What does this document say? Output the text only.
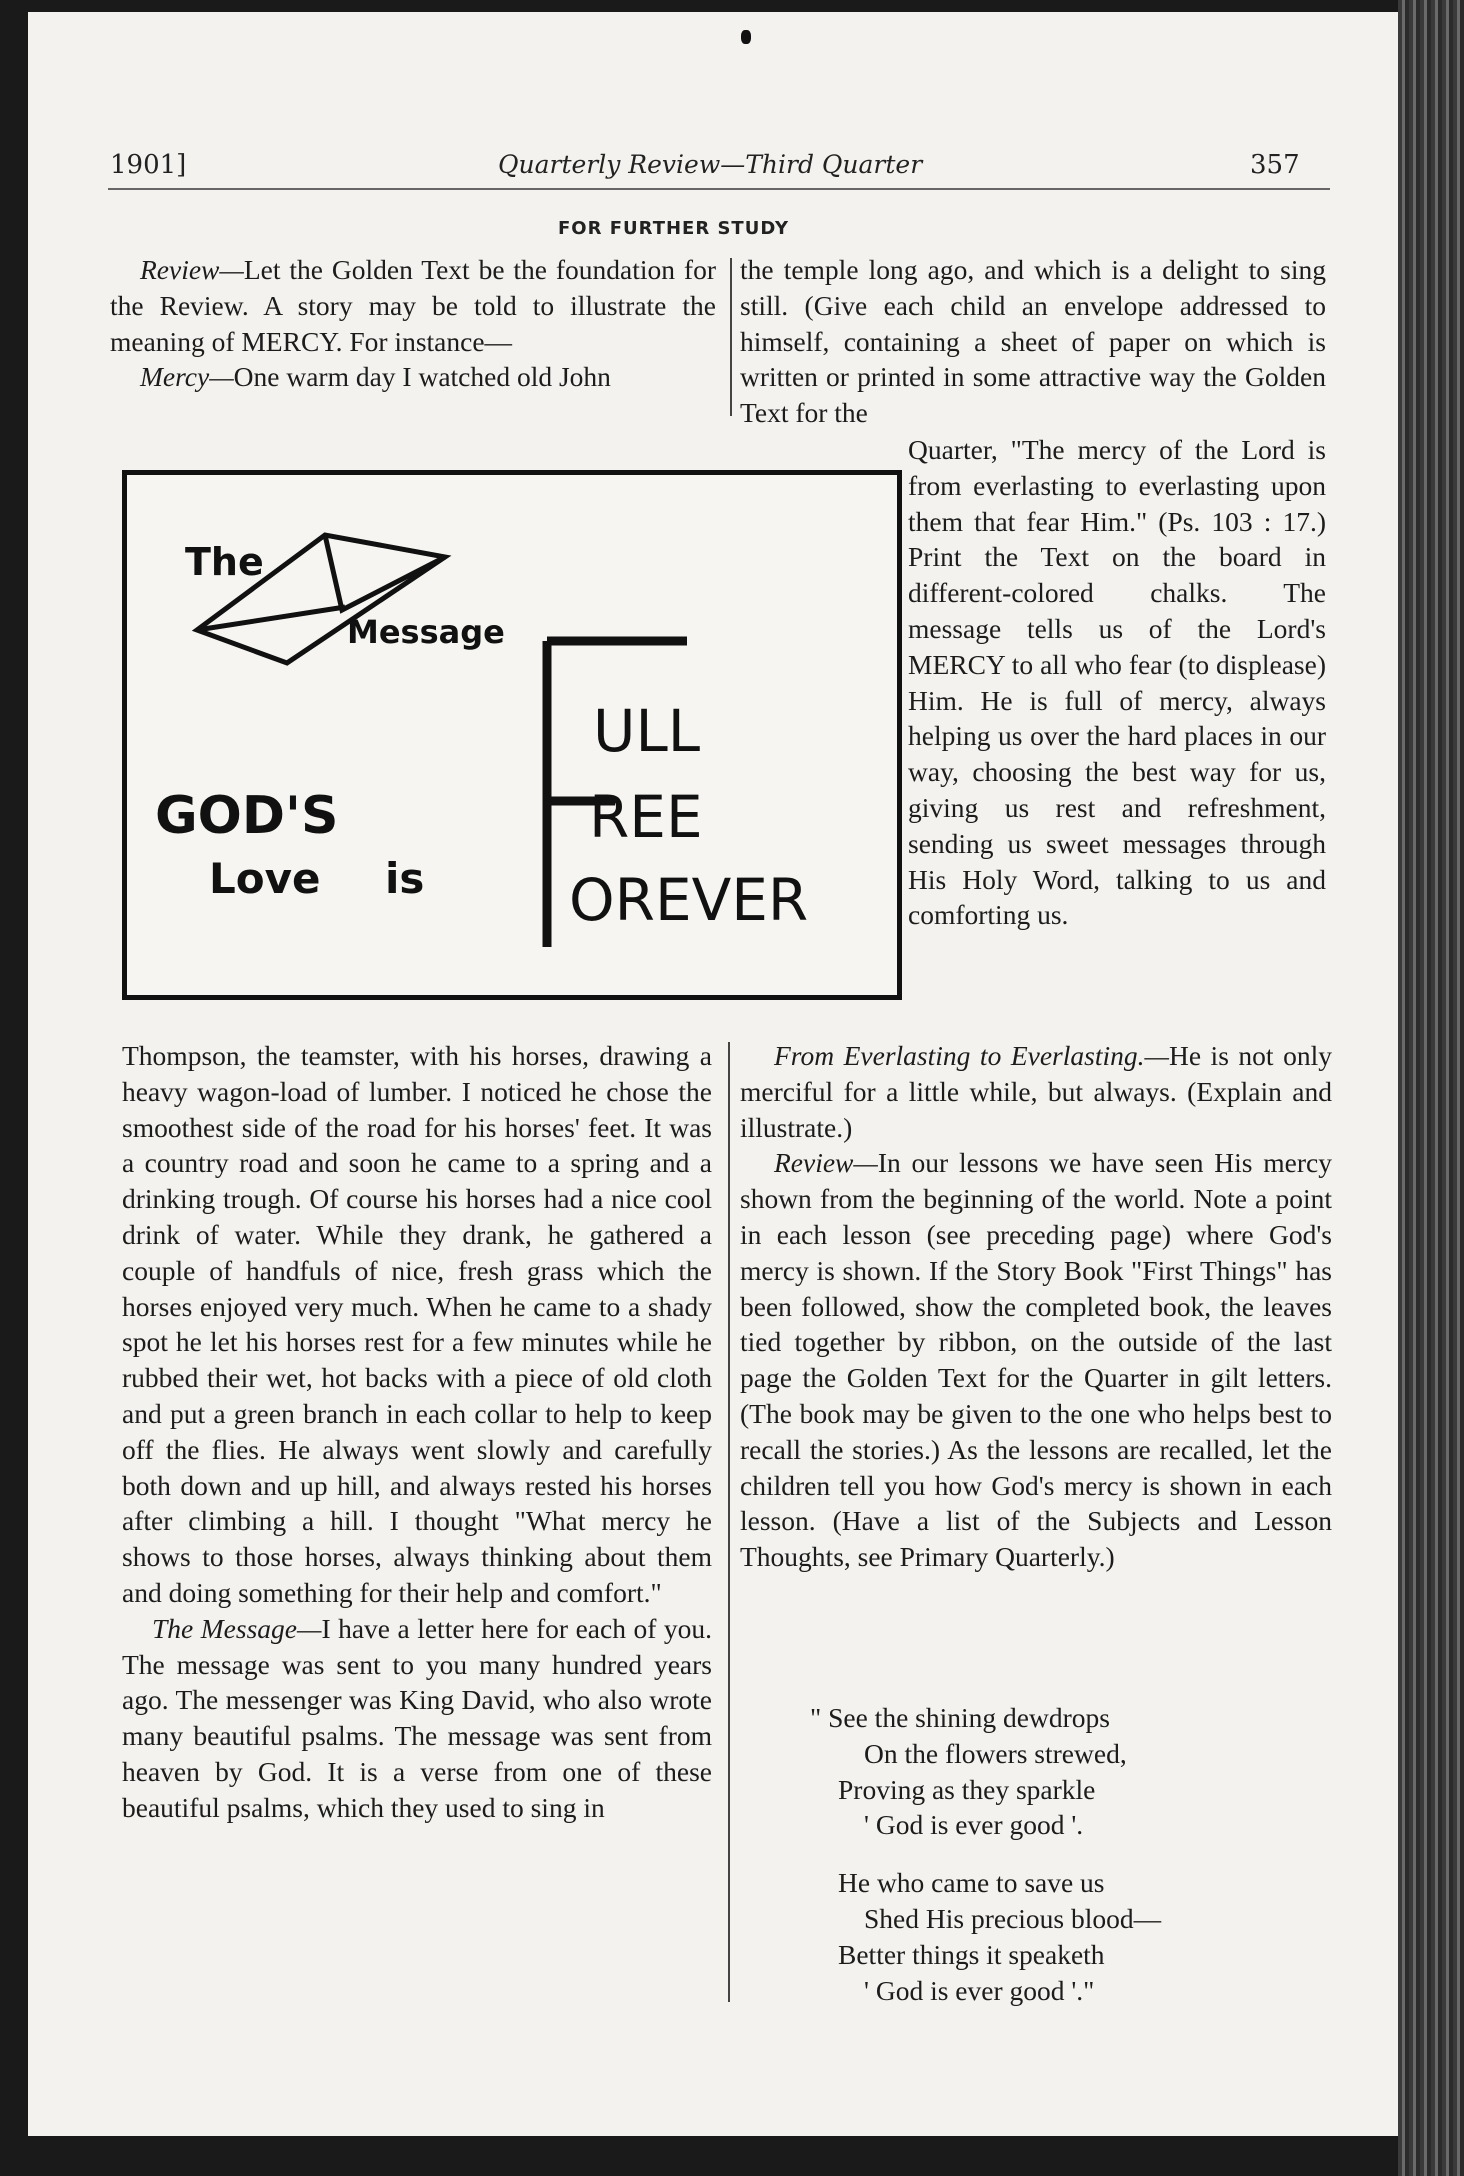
1901]	Quarterly Review—Third Quarter	357
FOR FURTHER STUDY

Review—Let the Golden Text be the foundation for the Review. A story may be told to illustrate the meaning of MERCY. For instance—

Mercy—One warm day I watched old John

the temple long ago, and which is a delight to sing still. (Give each child an envelope addressed to himself, containing a sheet of paper on which is written or printed in some attractive way the Golden Text for the
Quarter, "The mercy of the Lord is from everlasting to everlasting upon them that fear Him." (Ps. 103 : 17.) Print the Text on the board in different-colored chalks. The message tells us of the Lord's MERCY to all who fear (to displease) Him. He is full of mercy, always helping us over the hard places in our way, choosing the best way for us, giving us rest and refreshment, sending us sweet messages through His Holy Word, talking to us and comforting us.
The
Message
GOD'S
Love is
ULL
REE
OREVER

Thompson, the teamster, with his horses, drawing a heavy wagon-load of lumber. I noticed he chose the smoothest side of the road for his horses' feet. It was a country road and soon he came to a spring and a drinking trough. Of course his horses had a nice cool drink of water. While they drank, he gathered a couple of handfuls of nice, fresh grass which the horses enjoyed very much. When he came to a shady spot he let his horses rest for a few minutes while he rubbed their wet, hot backs with a piece of old cloth and put a green branch in each collar to help to keep off the flies. He always went slowly and carefully both down and up hill, and always rested his horses after climbing a hill. I thought "What mercy he shows to those horses, always thinking about them and doing something for their help and comfort."

The Message—I have a letter here for each of you. The message was sent to you many hundred years ago. The messenger was King David, who also wrote many beautiful psalms. The message was sent from heaven by God. It is a verse from one of these beautiful psalms, which they used to sing in

From Everlasting to Everlasting.—He is not only merciful for a little while, but always. (Explain and illustrate.)

Review—In our lessons we have seen His mercy shown from the beginning of the world. Note a point in each lesson (see preceding page) where God's mercy is shown. If the Story Book "First Things" has been followed, show the completed book, the leaves tied together by ribbon, on the outside of the last page the Golden Text for the Quarter in gilt letters. (The book may be given to the one who helps best to recall the stories.) As the lessons are recalled, let the children tell you how God's mercy is shown in each lesson. (Have a list of the Subjects and Lesson Thoughts, see Primary Quarterly.)

" See the shining dewdrops

On the flowers strewed,

Proving as they sparkle

' God is ever good '.

He who came to save us

Shed His precious blood—

Better things it speaketh

' God is ever good '."
